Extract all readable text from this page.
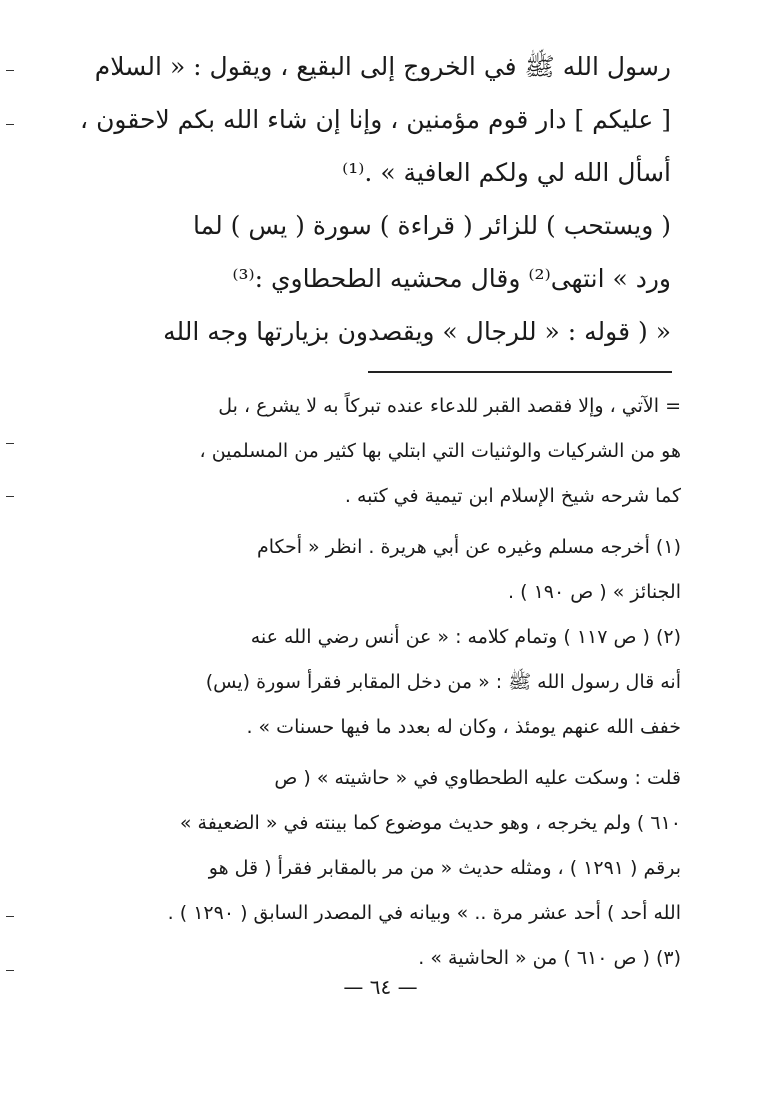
رسول الله ﷺ في الخروج إلى البقيع ، ويقول : « السلام
[ عليكم ] دار قوم مؤمنين ، وإنا إن شاء الله بكم لاحقون ،
أسأل الله لي ولكم العافية » .⁽¹⁾
( ويستحب ) للزائر ( قراءة ) سورة ( يس ) لما
ورد » انتهى⁽²⁾ وقال محشيه الطحطاوي :⁽³⁾
« ( قوله : « للرجال » ويقصدون بزيارتها وجه الله
= الآتي ، وإلا فقصد القبر للدعاء عنده تبركاً به لا يشرع ، بل
هو من الشركيات والوثنيات التي ابتلي بها كثير من المسلمين ،
كما شرحه شيخ الإسلام ابن تيمية في كتبه .
(١) أخرجه مسلم وغيره عن أبي هريرة . انظر « أحكام
الجنائز » ( ص ١٩٠ ) .
(٢) ( ص ١١٧ ) وتمام كلامه : « عن أنس رضي الله عنه
أنه قال رسول الله ﷺ : « من دخل المقابر فقرأ سورة (يس)
خفف الله عنهم يومئذ ، وكان له بعدد ما فيها حسنات » .
قلت : وسكت عليه الطحطاوي في « حاشيته » ( ص
٦١٠ ) ولم يخرجه ، وهو حديث موضوع كما بينته في « الضعيفة »
برقم ( ١٢٩١ ) ، ومثله حديث « من مر بالمقابر فقرأ ( قل هو
الله أحد ) أحد عشر مرة .. » وبيانه في المصدر السابق ( ١٢٩٠ ) .
(٣) ( ص ٦١٠ ) من « الحاشية » .
— ٦٤ —
